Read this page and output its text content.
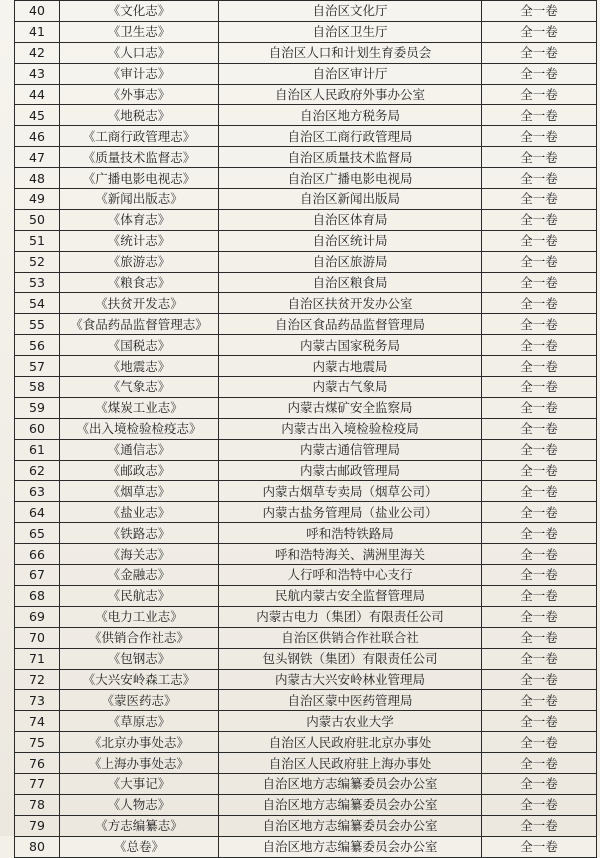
40	《文化志》	自治区文化厅	全一卷
41	《卫生志》	自治区卫生厅	全一卷
42	《人口志》	自治区人口和计划生育委员会	全一卷
43	《审计志》	自治区审计厅	全一卷
44	《外事志》	自治区人民政府外事办公室	全一卷
45	《地税志》	自治区地方税务局	全一卷
46	《工商行政管理志》	自治区工商行政管理局	全一卷
47	《质量技术监督志》	自治区质量技术监督局	全一卷
48	《广播电影电视志》	自治区广播电影电视局	全一卷
49	《新闻出版志》	自治区新闻出版局	全一卷
50	《体育志》	自治区体育局	全一卷
51	《统计志》	自治区统计局	全一卷
52	《旅游志》	自治区旅游局	全一卷
53	《粮食志》	自治区粮食局	全一卷
54	《扶贫开发志》	自治区扶贫开发办公室	全一卷
55	《食品药品监督管理志》	自治区食品药品监督管理局	全一卷
56	《国税志》	内蒙古国家税务局	全一卷
57	《地震志》	内蒙古地震局	全一卷
58	《气象志》	内蒙古气象局	全一卷
59	《煤炭工业志》	内蒙古煤矿安全监察局	全一卷
60	《出入境检验检疫志》	内蒙古出入境检验检疫局	全一卷
61	《通信志》	内蒙古通信管理局	全一卷
62	《邮政志》	内蒙古邮政管理局	全一卷
63	《烟草志》	内蒙古烟草专卖局（烟草公司）	全一卷
64	《盐业志》	内蒙古盐务管理局（盐业公司）	全一卷
65	《铁路志》	呼和浩特铁路局	全一卷
66	《海关志》	呼和浩特海关、满洲里海关	全一卷
67	《金融志》	人行呼和浩特中心支行	全一卷
68	《民航志》	民航内蒙古安全监督管理局	全一卷
69	《电力工业志》	内蒙古电力（集团）有限责任公司	全一卷
70	《供销合作社志》	自治区供销合作社联合社	全一卷
71	《包钢志》	包头钢铁（集团）有限责任公司	全一卷
72	《大兴安岭森工志》	内蒙古大兴安岭林业管理局	全一卷
73	《蒙医药志》	自治区蒙中医药管理局	全一卷
74	《草原志》	内蒙古农业大学	全一卷
75	《北京办事处志》	自治区人民政府驻北京办事处	全一卷
76	《上海办事处志》	自治区人民政府驻上海办事处	全一卷
77	《大事记》	自治区地方志编纂委员会办公室	全一卷
78	《人物志》	自治区地方志编纂委员会办公室	全一卷
79	《方志编纂志》	自治区地方志编纂委员会办公室	全一卷
80	《总卷》	自治区地方志编纂委员会办公室	全一卷
